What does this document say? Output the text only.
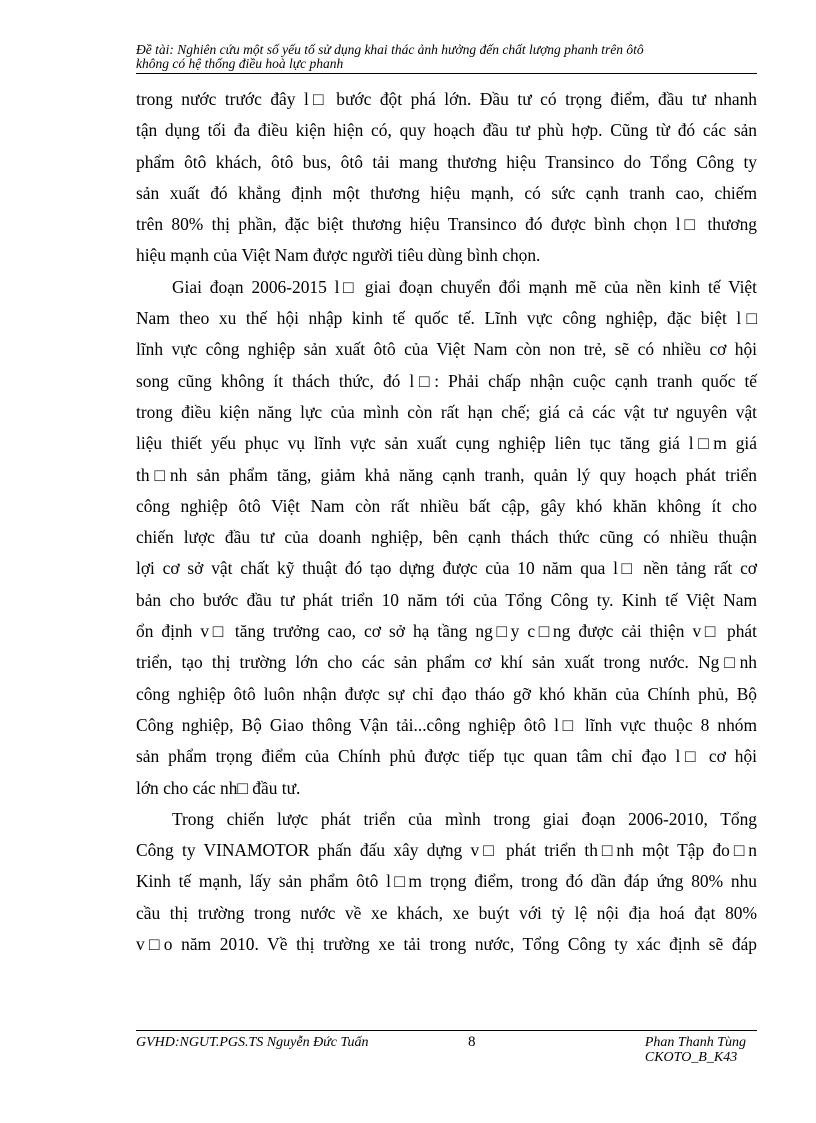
Đề tài: Nghiên cứu một số yếu tố sử dụng khai thác ảnh hưởng đến chất lượng phanh trên ôtô
không có hệ thống điều hoà lực phanh

trong nước trước đây l□ bước đột phá lớn. Đầu tư có trọng điểm, đầu tư nhanh
tận dụng tối đa điều kiện hiện có, quy hoạch đầu tư phù hợp. Cũng từ đó các sản
phẩm ôtô khách, ôtô bus, ôtô tải mang thương hiệu Transinco do Tổng Công ty
sản xuất đó khẳng định một thương hiệu mạnh, có sức cạnh tranh cao, chiếm
trên 80% thị phần, đặc biệt thương hiệu Transinco đó được bình chọn l□ thương
hiệu mạnh của Việt Nam được người tiêu dùng bình chọn.

Giai đoạn 2006-2015 l□ giai đoạn chuyển đổi mạnh mẽ của nền kinh tế Việt
Nam theo xu thế hội nhập kinh tế quốc tế. Lĩnh vực công nghiệp, đặc biệt l□
lĩnh vực công nghiệp sản xuất ôtô của Việt Nam còn non trẻ, sẽ có nhiều cơ hội
song cũng không ít thách thức, đó l□: Phải chấp nhận cuộc cạnh tranh quốc tế
trong điều kiện năng lực của mình còn rất hạn chế; giá cả các vật tư nguyên vật
liệu thiết yếu phục vụ lĩnh vực sản xuất cụng nghiệp liên tục tăng giá l□m giá
th□nh sản phẩm tăng, giảm khả năng cạnh tranh, quản lý quy hoạch phát triển
công nghiệp ôtô Việt Nam còn rất nhiều bất cập, gây khó khăn không ít cho
chiến lược đầu tư của doanh nghiệp, bên cạnh thách thức cũng có nhiều thuận
lợi cơ sở vật chất kỹ thuật đó tạo dựng được của 10 năm qua l□ nền tảng rất cơ
bản cho bước đầu tư phát triển 10 năm tới của Tổng Công ty. Kinh tế Việt Nam
ổn định v□ tăng trưởng cao, cơ sở hạ tầng ng□y c□ng được cải thiện v□ phát
triển, tạo thị trường lớn cho các sản phẩm cơ khí sản xuất trong nước. Ng□nh
công nghiệp ôtô luôn nhận được sự chỉ đạo tháo gỡ khó khăn của Chính phủ, Bộ
Công nghiệp, Bộ Giao thông Vận tải...công nghiệp ôtô l□ lĩnh vực thuộc 8 nhóm
sản phẩm trọng điểm của Chính phủ được tiếp tục quan tâm chỉ đạo l□ cơ hội
lớn cho các nh□ đầu tư.

Trong chiến lược phát triển của mình trong giai đoạn 2006-2010, Tổng
Công ty VINAMOTOR phấn đấu xây dựng v□ phát triển th□nh một Tập đo□n
Kinh tế mạnh, lấy sản phẩm ôtô l□m trọng điểm, trong đó dần đáp ứng 80% nhu
cầu thị trường trong nước về xe khách, xe buýt với tỷ lệ nội địa hoá đạt 80%
v□o năm 2010. Về thị trường xe tải trong nước, Tổng Công ty xác định sẽ đáp

GVHD:NGUT.PGS.TS Nguyễn Đức Tuấn	8	Phan Thanh Tùng
CKOTO_B_K43
